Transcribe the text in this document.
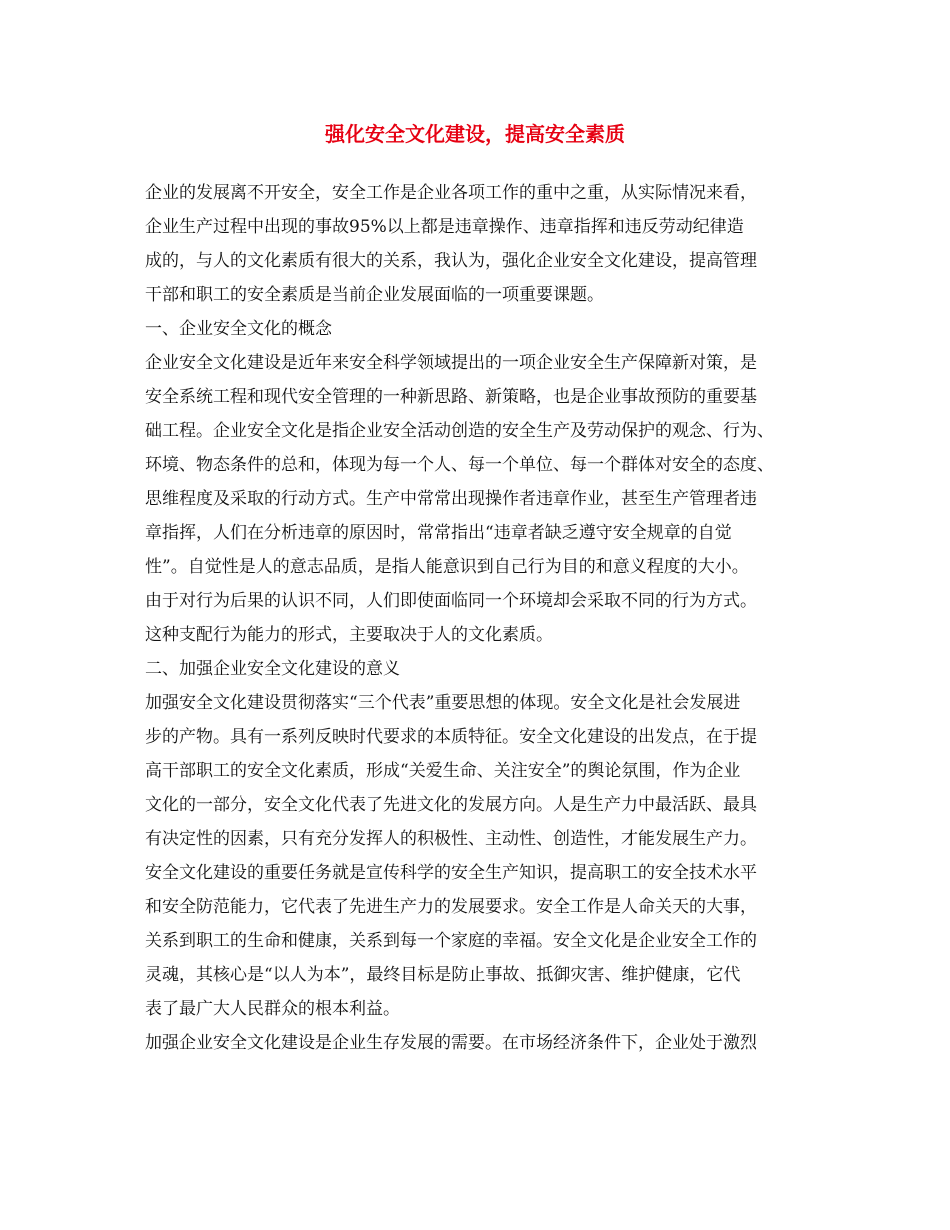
强化安全文化建设，提高安全素质

企业的发展离不开安全，安全工作是企业各项工作的重中之重，从实际情况来看，

企业生产过程中出现的事故95%以上都是违章操作、违章指挥和违反劳动纪律造

成的，与人的文化素质有很大的关系，我认为，强化企业安全文化建设，提高管理

干部和职工的安全素质是当前企业发展面临的一项重要课题。

一、企业安全文化的概念

企业安全文化建设是近年来安全科学领域提出的一项企业安全生产保障新对策，是

安全系统工程和现代安全管理的一种新思路、新策略，也是企业事故预防的重要基

础工程。企业安全文化是指企业安全活动创造的安全生产及劳动保护的观念、行为、

环境、物态条件的总和，体现为每一个人、每一个单位、每一个群体对安全的态度、

思维程度及采取的行动方式。生产中常常出现操作者违章作业，甚至生产管理者违

章指挥，人们在分析违章的原因时，常常指出“违章者缺乏遵守安全规章的自觉

性”。自觉性是人的意志品质，是指人能意识到自己行为目的和意义程度的大小。

由于对行为后果的认识不同，人们即使面临同一个环境却会采取不同的行为方式。

这种支配行为能力的形式，主要取决于人的文化素质。

二、加强企业安全文化建设的意义

加强安全文化建设贯彻落实“三个代表”重要思想的体现。安全文化是社会发展进

步的产物。具有一系列反映时代要求的本质特征。安全文化建设的出发点，在于提

高干部职工的安全文化素质，形成“关爱生命、关注安全”的舆论氛围，作为企业

文化的一部分，安全文化代表了先进文化的发展方向。人是生产力中最活跃、最具

有决定性的因素，只有充分发挥人的积极性、主动性、创造性，才能发展生产力。

安全文化建设的重要任务就是宣传科学的安全生产知识，提高职工的安全技术水平

和安全防范能力，它代表了先进生产力的发展要求。安全工作是人命关天的大事，

关系到职工的生命和健康，关系到每一个家庭的幸福。安全文化是企业安全工作的

灵魂，其核心是“以人为本”，最终目标是防止事故、抵御灾害、维护健康，它代

表了最广大人民群众的根本利益。

加强企业安全文化建设是企业生存发展的需要。在市场经济条件下，企业处于激烈
